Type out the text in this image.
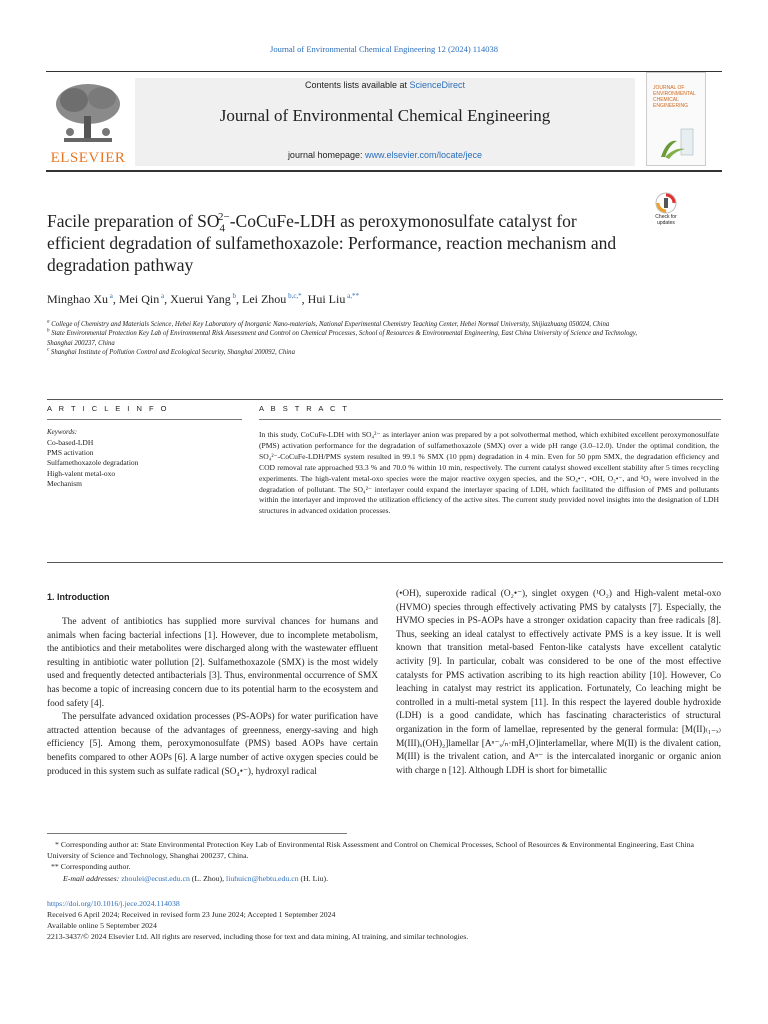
Journal of Environmental Chemical Engineering 12 (2024) 114038
Contents lists available at ScienceDirect
Journal of Environmental Chemical Engineering
journal homepage: www.elsevier.com/locate/jece
ELSEVIER
JOURNAL OF
ENVIRONMENTAL
CHEMICAL
ENGINEERING
Check for
updates
Facile preparation of $SO_4^{2-}-CoCuFe$-LDH as peroxymonosulfate catalyst for efficient degradation of sulfamethoxazole: Performance, reaction mechanism and degradation pathway
Minghao Xu $^a$, Mei Qin $^a$, Xuerui Yang $^b$, Lei Zhou $^{b,c,*}$, Hui Liu $^{a,**}$
$^a$ College of Chemistry and Materials Science, Hebei Key Laboratory of Inorganic Nano-materials, National Experimental Chemistry Teaching Center, Hebei Normal University, Shijiazhuang 050024, China
$^b$ State Environmental Protection Key Lab of Environmental Risk Assessment and Control on Chemical Processes, School of Resources & Environmental Engineering, East China University of Science and Technology, Shanghai 200237, China
$^c$ Shanghai Institute of Pollution Control and Ecological Security, Shanghai 200092, China
A R T I C L E I N F O	A B S T R A C T
Keywords:
Co-based-LDH
PMS activation
Sulfamethoxazole degradation
High-valent metal-oxo
Mechanism
In this study, CoCuFe-LDH with SO₄²⁻ as interlayer anion was prepared by a pot solvothermal method, which exhibited excellent peroxymonosulfate (PMS) activation performance for the degradation of sulfamethoxazole (SMX) over a wide pH range (3.0–12.0). Under the optimal condition, the SO₄²⁻-CoCuFe-LDH/PMS system resulted in 99.1 % SMX (10 ppm) degradation in 4 min. Even for 50 ppm SMX, the degradation efficiency and COD removal rate approached 93.3 % and 70.0 % within 10 min, respectively. The current catalyst showed excellent stability after 5 times recycling experiments. The high-valent metal-oxo species were the major reactive oxygen species, and the SO₄•⁻, •OH, O₂•⁻, and ¹O₂ were involved in the degradation of pollutant. The SO₄²⁻ interlayer could expand the interlayer spacing of LDH, which facilitated the diffusion of PMS and pollutants within the interlayer and improved the utilization efficiency of the active sites. The current study provided novel insights into the designation of LDH structures in advanced oxidation processes.
1. Introduction

The advent of antibiotics has supplied more survival chances for humans and animals when facing bacterial infections [1]. However, due to incomplete metabolism, the antibiotics and their metabolites were discharged along with the wastewater effluent resulting in antibiotic water pollution [2]. Sulfamethoxazole (SMX) is the most widely used and frequently detected antibacterials [3]. Thus, environmental occurrence of SMX has become a topic of increasing concern due to its potential harm to the ecosystem and food safety [4].

The persulfate advanced oxidation processes (PS-AOPs) for water purification have attracted attention because of the advantages of greenness, energy-saving and high efficiency [5]. Among them, peroxymonosulfate (PMS) based AOPs have certain benefits compared to other AOPs [6]. A large number of active oxygen species could be produced in this system such as sulfate radical (SO₄•⁻), hydroxyl radical

(•OH), superoxide radical (O₂•⁻), singlet oxygen (¹O₂) and High-valent metal-oxo (HVMO) species through effectively activating PMS by catalysts [7]. Especially, the HVMO species in PS-AOPs have a stronger oxidation capacity than free radicals [8]. Thus, seeking an ideal catalyst to effectively activate PMS is a key issue. It is well known that transition metal-based Fenton-like catalysts have excellent catalytic activity [9]. In particular, cobalt was considered to be one of the most effective catalysts for PMS activation ascribing to its high reaction ability [10]. However, Co leaching in catalyst may restrict its application. Fortunately, Co leaching might be controlled in a multi-metal system [11]. In this respect the layered double hydroxide (LDH) is a good candidate, which has fascinating characteristics of structural organization in the form of lamellae, represented by the general formula: [M(II)₍₁₋ₓ₎M(III)ₓ(OH)₂]lamellar [Aⁿ⁻ₓ/ₙ·mH₂O]interlamellar, where M(II) is the divalent cation, M(III) is the trivalent cation, and Aⁿ⁻ is the intercalated inorganic or organic anion with charge n [12]. Although LDH is short for bimetallic

* Corresponding author at: State Environmental Protection Key Lab of Environmental Risk Assessment and Control on Chemical Processes, School of Resources & Environmental Engineering, East China University of Science and Technology, Shanghai 200237, China.
** Corresponding author.
E-mail addresses: zhoulei@ecust.edu.cn (L. Zhou), liuhuicn@hebtu.edu.cn (H. Liu).
https://doi.org/10.1016/j.jece.2024.114038
Received 6 April 2024; Received in revised form 23 June 2024; Accepted 1 September 2024
Available online 5 September 2024
2213-3437/© 2024 Elsevier Ltd. All rights are reserved, including those for text and data mining, AI training, and similar technologies.
